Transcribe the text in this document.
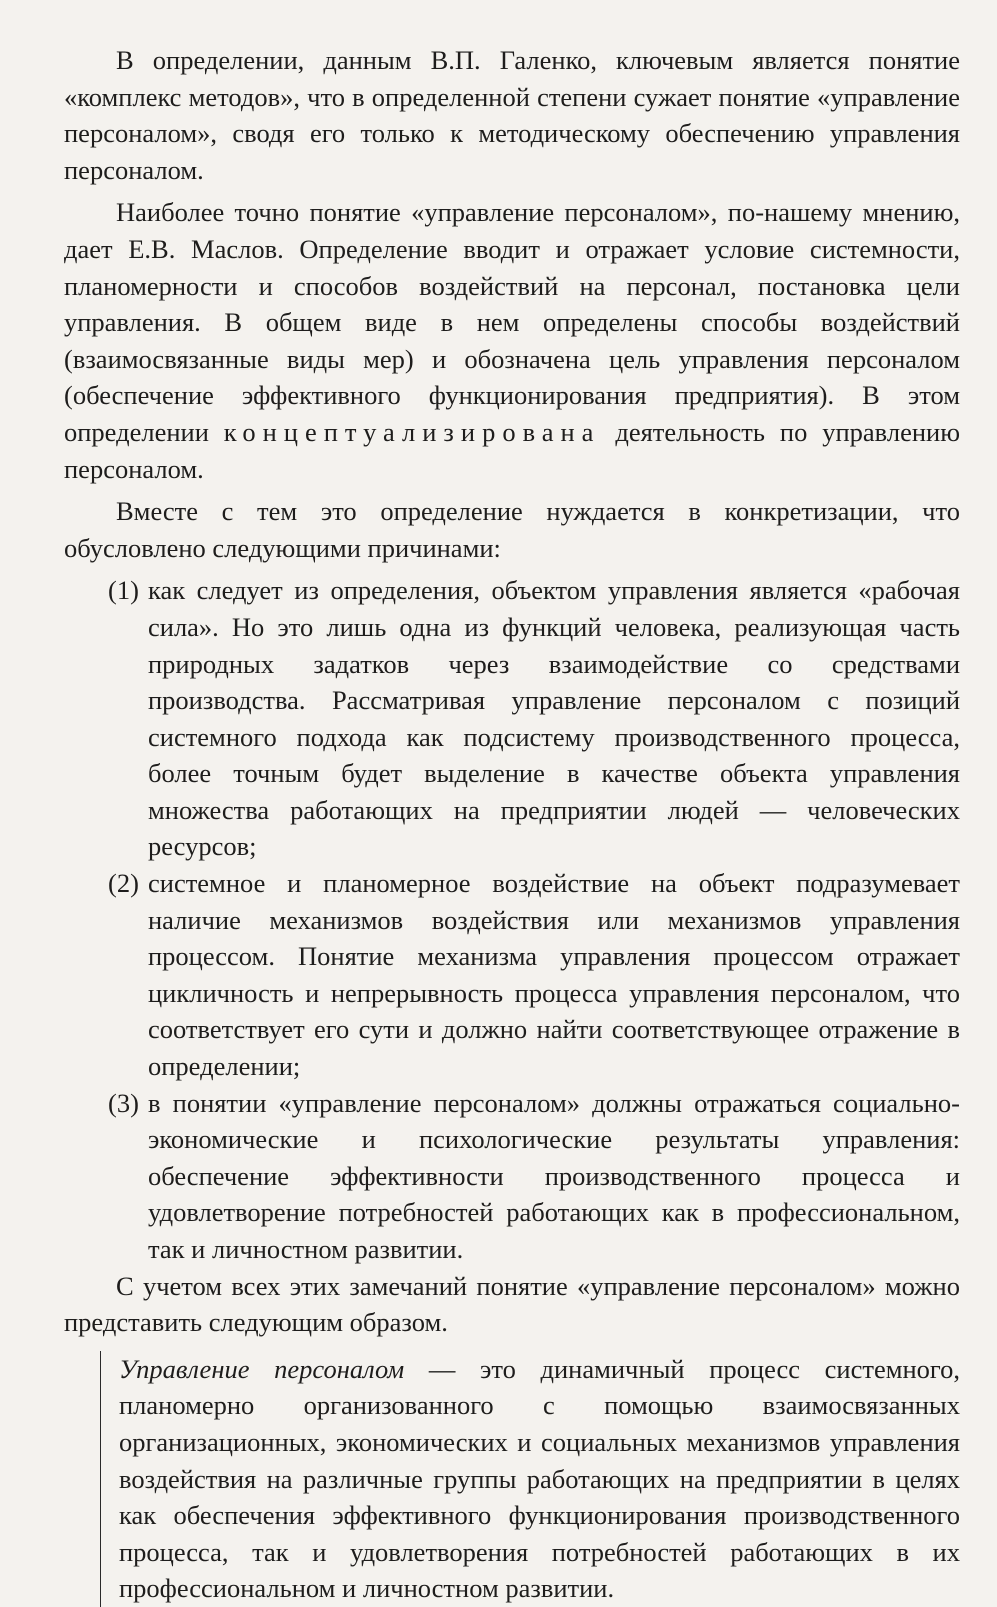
В определении, данным В.П. Галенко, ключевым является понятие «комплекс методов», что в определенной степени сужает понятие «управление персоналом», сводя его только к методическому обеспечению управления персоналом.

Наиболее точно понятие «управление персоналом», по-нашему мнению, дает Е.В. Маслов. Определение вводит и отражает условие системности, планомерности и способов воздействий на персонал, постановка цели управления. В общем виде в нем определены способы воздействий (взаимосвязанные виды мер) и обозначена цель управления персоналом (обеспечение эффективного функционирования предприятия). В этом определении концептуализирована деятельность по управлению персоналом.

Вместе с тем это определение нуждается в конкретизации, что обусловлено следующими причинами:

(1) как следует из определения, объектом управления является «рабочая сила». Но это лишь одна из функций человека, реализующая часть природных задатков через взаимодействие со средствами производства. Рассматривая управление персоналом с позиций системного подхода как подсистему производственного процесса, более точным будет выделение в качестве объекта управления множества работающих на предприятии людей — человеческих ресурсов;
(2) системное и планомерное воздействие на объект подразумевает наличие механизмов воздействия или механизмов управления процессом. Понятие механизма управления процессом отражает цикличность и непрерывность процесса управления персоналом, что соответствует его сути и должно найти соответствующее отражение в определении;
(3) в понятии «управление персоналом» должны отражаться социально-экономические и психологические результаты управления: обеспечение эффективности производственного процесса и удовлетворение потребностей работающих как в профессиональном, так и личностном развитии.

С учетом всех этих замечаний понятие «управление персоналом» можно представить следующим образом.

Управление персоналом — это динамичный процесс системного, планомерно организованного с помощью взаимосвязанных организационных, экономических и социальных механизмов управления воздействия на различные группы работающих на предприятии в целях как обеспечения эффективного функционирования производственного процесса, так и удовлетворения потребностей работающих в их профессиональном и личностном развитии.
